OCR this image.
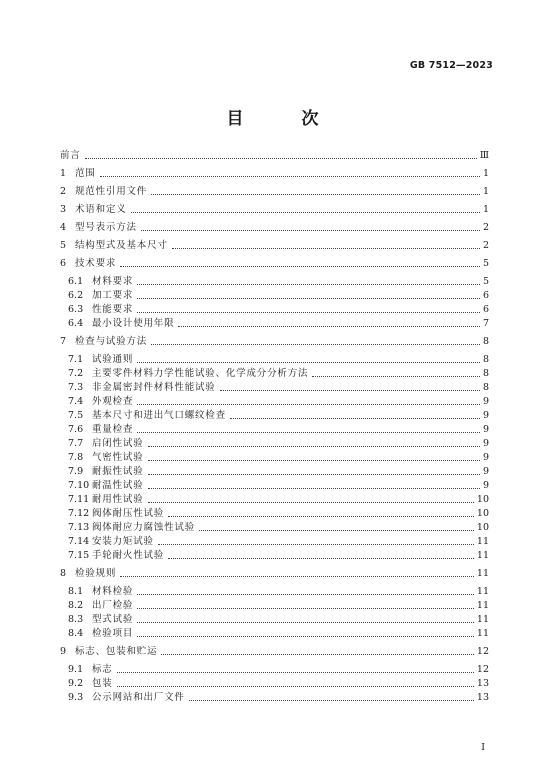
GB 7512—2023
目 次
前言	Ⅲ
1 范围	1
2 规范性引用文件	1
3 术语和定义	1
4 型号表示方法	2
5 结构型式及基本尺寸	2
6 技术要求	5
6.1 材料要求	5
6.2 加工要求	6
6.3 性能要求	6
6.4 最小设计使用年限	7
7 检查与试验方法	8
7.1 试验通则	8
7.2 主要零件材料力学性能试验、化学成分分析方法	8
7.3 非金属密封件材料性能试验	8
7.4 外观检查	9
7.5 基本尺寸和进出气口螺纹检查	9
7.6 重量检查	9
7.7 启闭性试验	9
7.8 气密性试验	9
7.9 耐振性试验	9
7.10 耐温性试验	9
7.11 耐用性试验	10
7.12 阀体耐压性试验	10
7.13 阀体耐应力腐蚀性试验	10
7.14 安装力矩试验	11
7.15 手轮耐火性试验	11
8 检验规则	11
8.1 材料检验	11
8.2 出厂检验	11
8.3 型式试验	11
8.4 检验项目	11
9 标志、包装和贮运	12
9.1 标志	12
9.2 包装	13
9.3 公示网站和出厂文件	13
I
